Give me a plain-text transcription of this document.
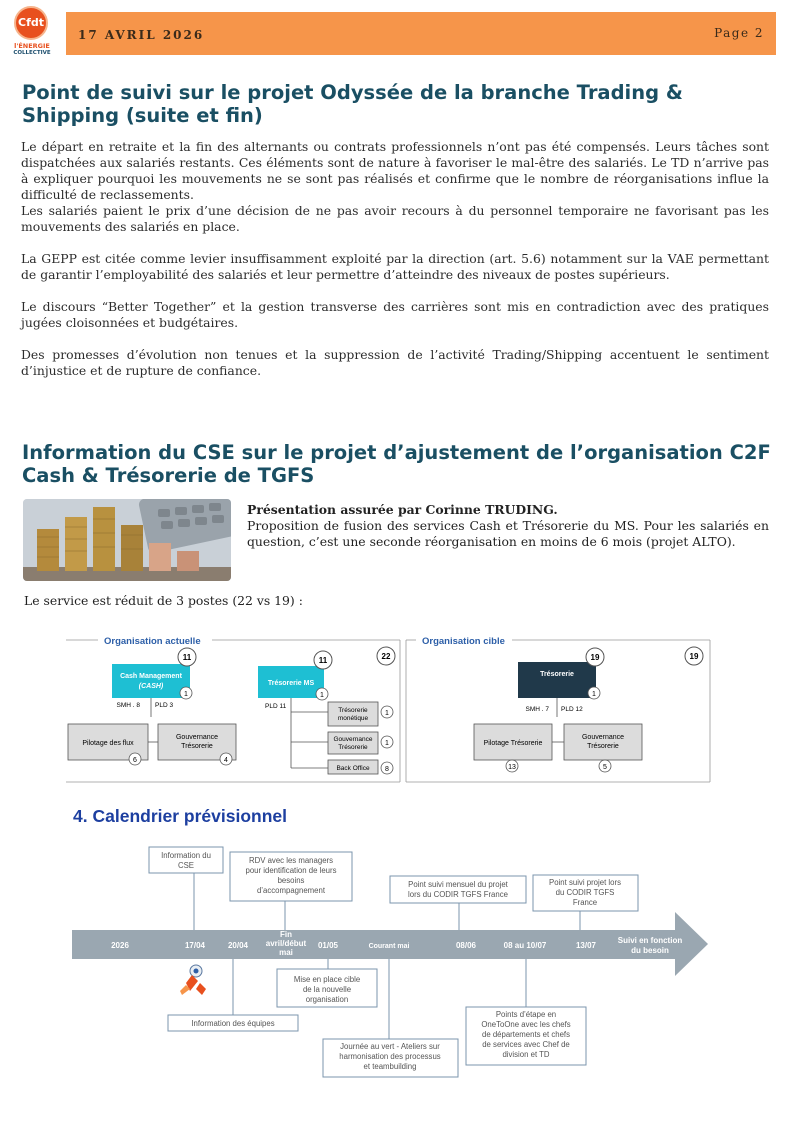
Cfdt
l'ÉNERGIE
COLLECTIVE
17 AVRIL 2026	Page 2
Point de suivi sur le projet Odyssée de la branche Trading & Shipping (suite et fin)

Le départ en retraite et la fin des alternants ou contrats professionnels n’ont pas été compensés. Leurs tâches sont dispatchées aux salariés restants. Ces éléments sont de nature à favoriser le mal-être des salariés. Le TD n’arrive pas à expliquer pourquoi les mouvements ne se sont pas réalisés et confirme que le nombre de réorganisations influe la difficulté de reclassements.

Les salariés paient le prix d’une décision de ne pas avoir recours à du personnel temporaire ne favorisant pas les mouvements des salariés en place.

La GEPP est citée comme levier insuffisamment exploité par la direction (art. 5.6) notamment sur la VAE permettant de garantir l’employabilité des salariés et leur permettre d’atteindre des niveaux de postes supérieurs.

Le discours “Better Together” et la gestion transverse des carrières sont mis en contradiction avec des pratiques jugées cloisonnées et budgétaires.

Des promesses d’évolution non tenues et la suppression de l’activité Trading/Shipping accentuent le sentiment d’injustice et de rupture de confiance.

Information du CSE sur le projet d’ajustement de l’organisation C2F Cash & Trésorerie de TGFS
Présentation assurée par Corinne TRUDING.
Proposition de fusion des services Cash et Trésorerie du MS. Pour les salariés en question, c’est une seconde réorganisation en moins de 6 mois (projet ALTO).
Le service est réduit de 3 postes (22 vs 19) :
Organisation actuelle
22
Cash Management
(CASH)
11
1
SMH . 8 PLD 3
Pilotage des flux
6
Gouvernance Trésorerie
4
Trésorerie MS
11
1
PLD 11
Trésorerie monétique
1
Gouvernance Trésorerie
1
Back Office 8
Organisation cible
19
Trésorerie
19
1
SMH . 7 PLD 12
Pilotage Trésorerie
13
Gouvernance Trésorerie
5
4. Calendrier prévisionnel
2026	17/04	20/04
Fin avril/début mai
01/05	Courant mai	08/06	08 au 10/07	13/07
Suivi en fonction du besoin
Information du CSE
RDV avec les managers pour identification de leurs besoins d’accompagnement
Point suivi mensuel du projet lors du CODIR TGFS France
Point suivi projet lors du CODIR TGFS France
Information des équipes
Mise en place cible de la nouvelle organisation
Journée au vert - Ateliers sur harmonisation des processus et teambuilding
Points d’étape en OneToOne avec les chefs de départements et chefs de services avec Chef de division et TD
